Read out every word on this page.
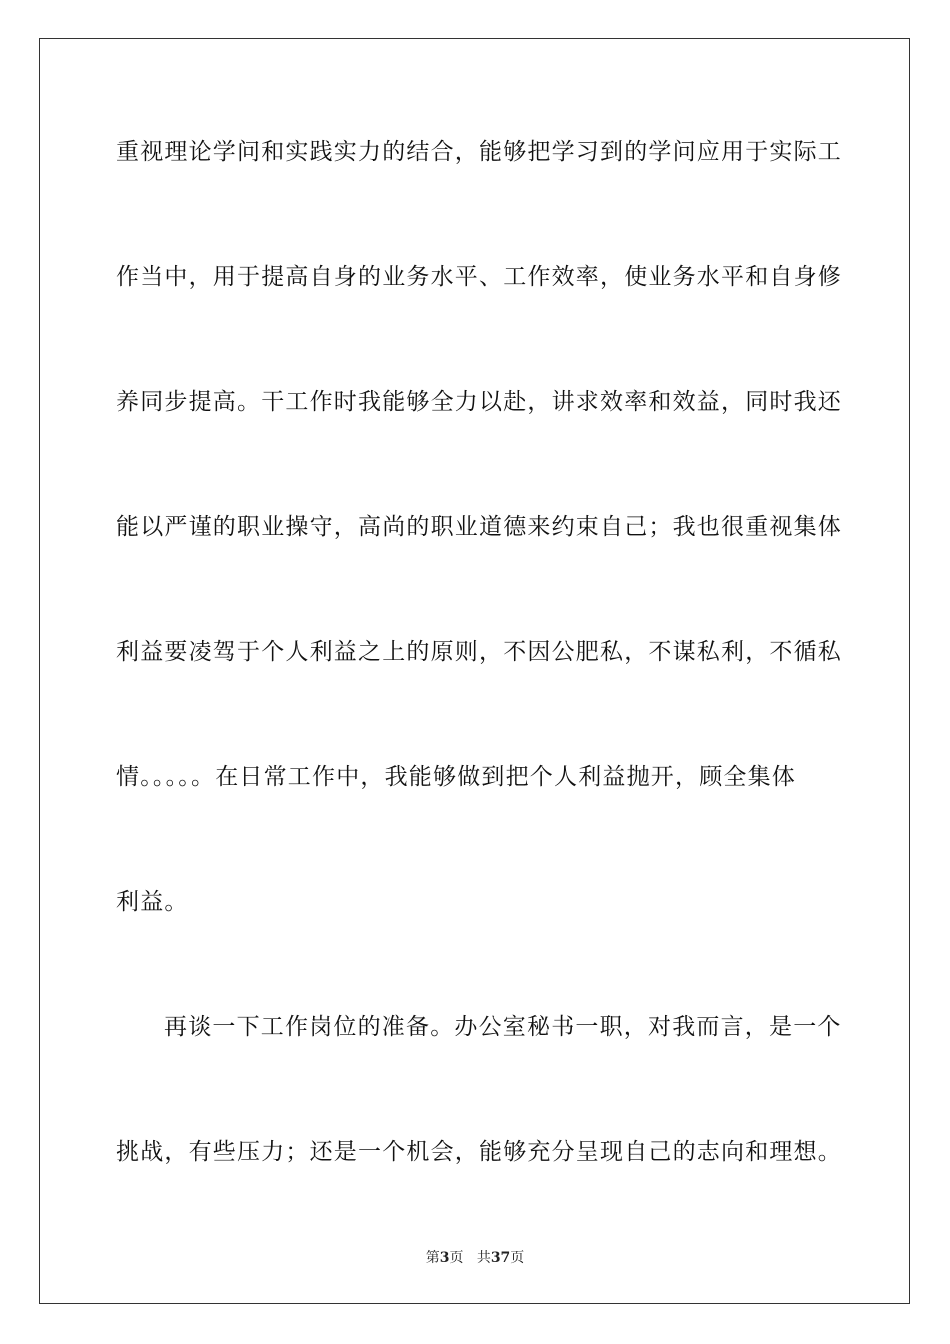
重视理论学问和实践实力的结合，能够把学习到的学问应用于实际工
作当中，用于提高自身的业务水平、工作效率，使业务水平和自身修
养同步提高。干工作时我能够全力以赴，讲求效率和效益，同时我还
能以严谨的职业操守，高尚的职业道德来约束自己；我也很重视集体
利益要凌驾于个人利益之上的原则，不因公肥私，不谋私利，不循私
情。。。。。在日常工作中，我能够做到把个人利益抛开，顾全集体
利益。
再谈一下工作岗位的准备。办公室秘书一职，对我而言，是一个
挑战，有些压力；还是一个机会，能够充分呈现自己的志向和理想。
第3页 共37页
